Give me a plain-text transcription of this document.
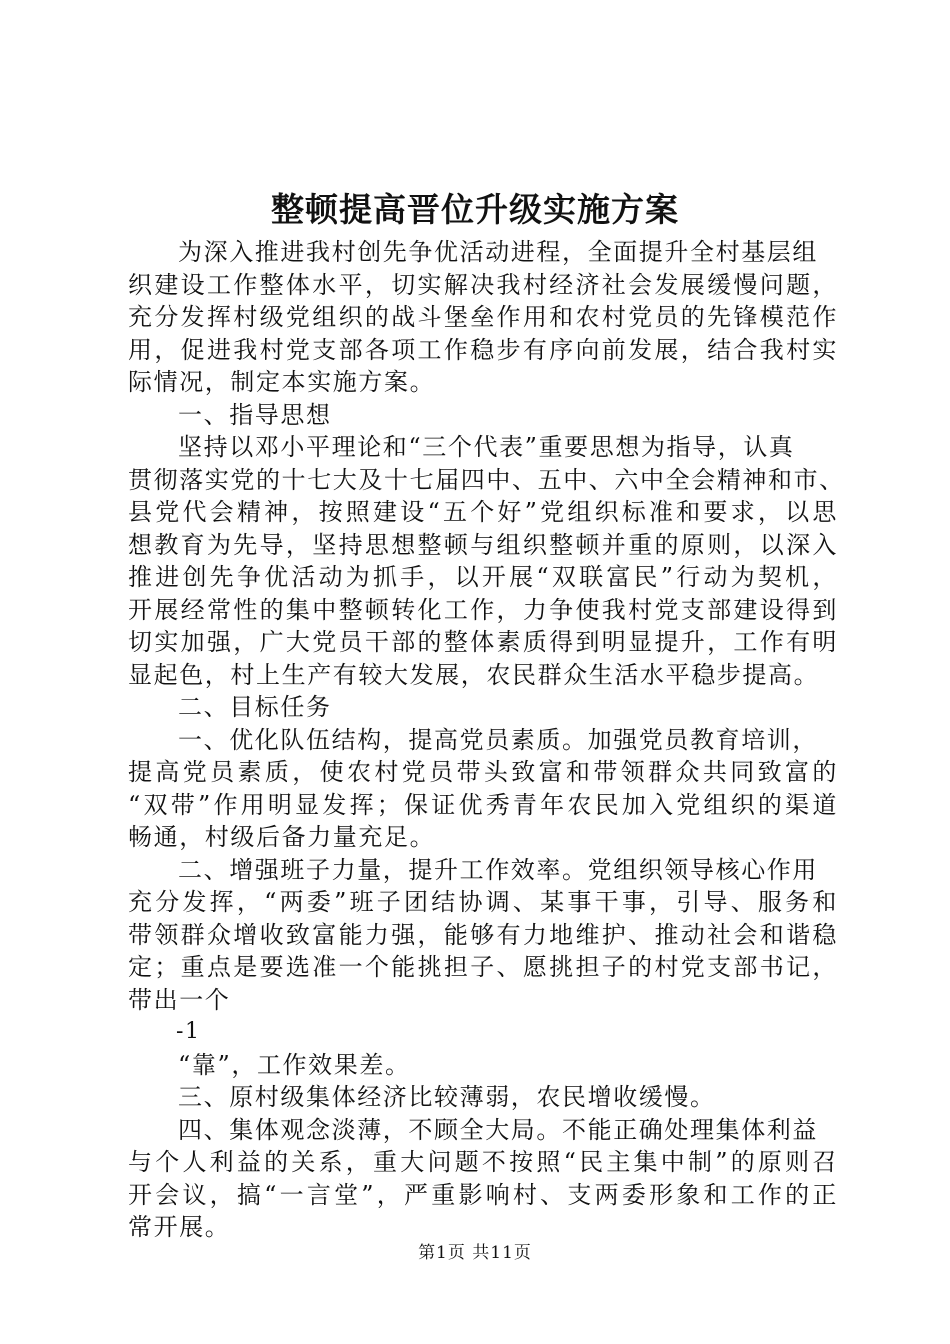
整顿提高晋位升级实施方案
为深入推进我村创先争优活动进程，全面提升全村基层组
织建设工作整体水平，切实解决我村经济社会发展缓慢问题，
充分发挥村级党组织的战斗堡垒作用和农村党员的先锋模范作
用，促进我村党支部各项工作稳步有序向前发展，结合我村实
际情况，制定本实施方案。
一、指导思想
坚持以邓小平理论和“三个代表”重要思想为指导，认真
贯彻落实党的十七大及十七届四中、五中、六中全会精神和市、
县党代会精神，按照建设“五个好”党组织标准和要求，以思
想教育为先导，坚持思想整顿与组织整顿并重的原则，以深入
推进创先争优活动为抓手，以开展“双联富民”行动为契机，
开展经常性的集中整顿转化工作，力争使我村党支部建设得到
切实加强，广大党员干部的整体素质得到明显提升，工作有明
显起色，村上生产有较大发展，农民群众生活水平稳步提高。
二、目标任务
一、优化队伍结构，提高党员素质。加强党员教育培训，
提高党员素质，使农村党员带头致富和带领群众共同致富的
“双带”作用明显发挥；保证优秀青年农民加入党组织的渠道
畅通，村级后备力量充足。
二、增强班子力量，提升工作效率。党组织领导核心作用
充分发挥，“两委”班子团结协调、某事干事，引导、服务和
带领群众增收致富能力强，能够有力地维护、推动社会和谐稳
定；重点是要选准一个能挑担子、愿挑担子的村党支部书记，
带出一个
-1
“靠”，工作效果差。
三、原村级集体经济比较薄弱，农民增收缓慢。
四、集体观念淡薄，不顾全大局。不能正确处理集体利益
与个人利益的关系，重大问题不按照“民主集中制”的原则召
开会议，搞“一言堂”，严重影响村、支两委形象和工作的正
常开展。
第1页 共11页
